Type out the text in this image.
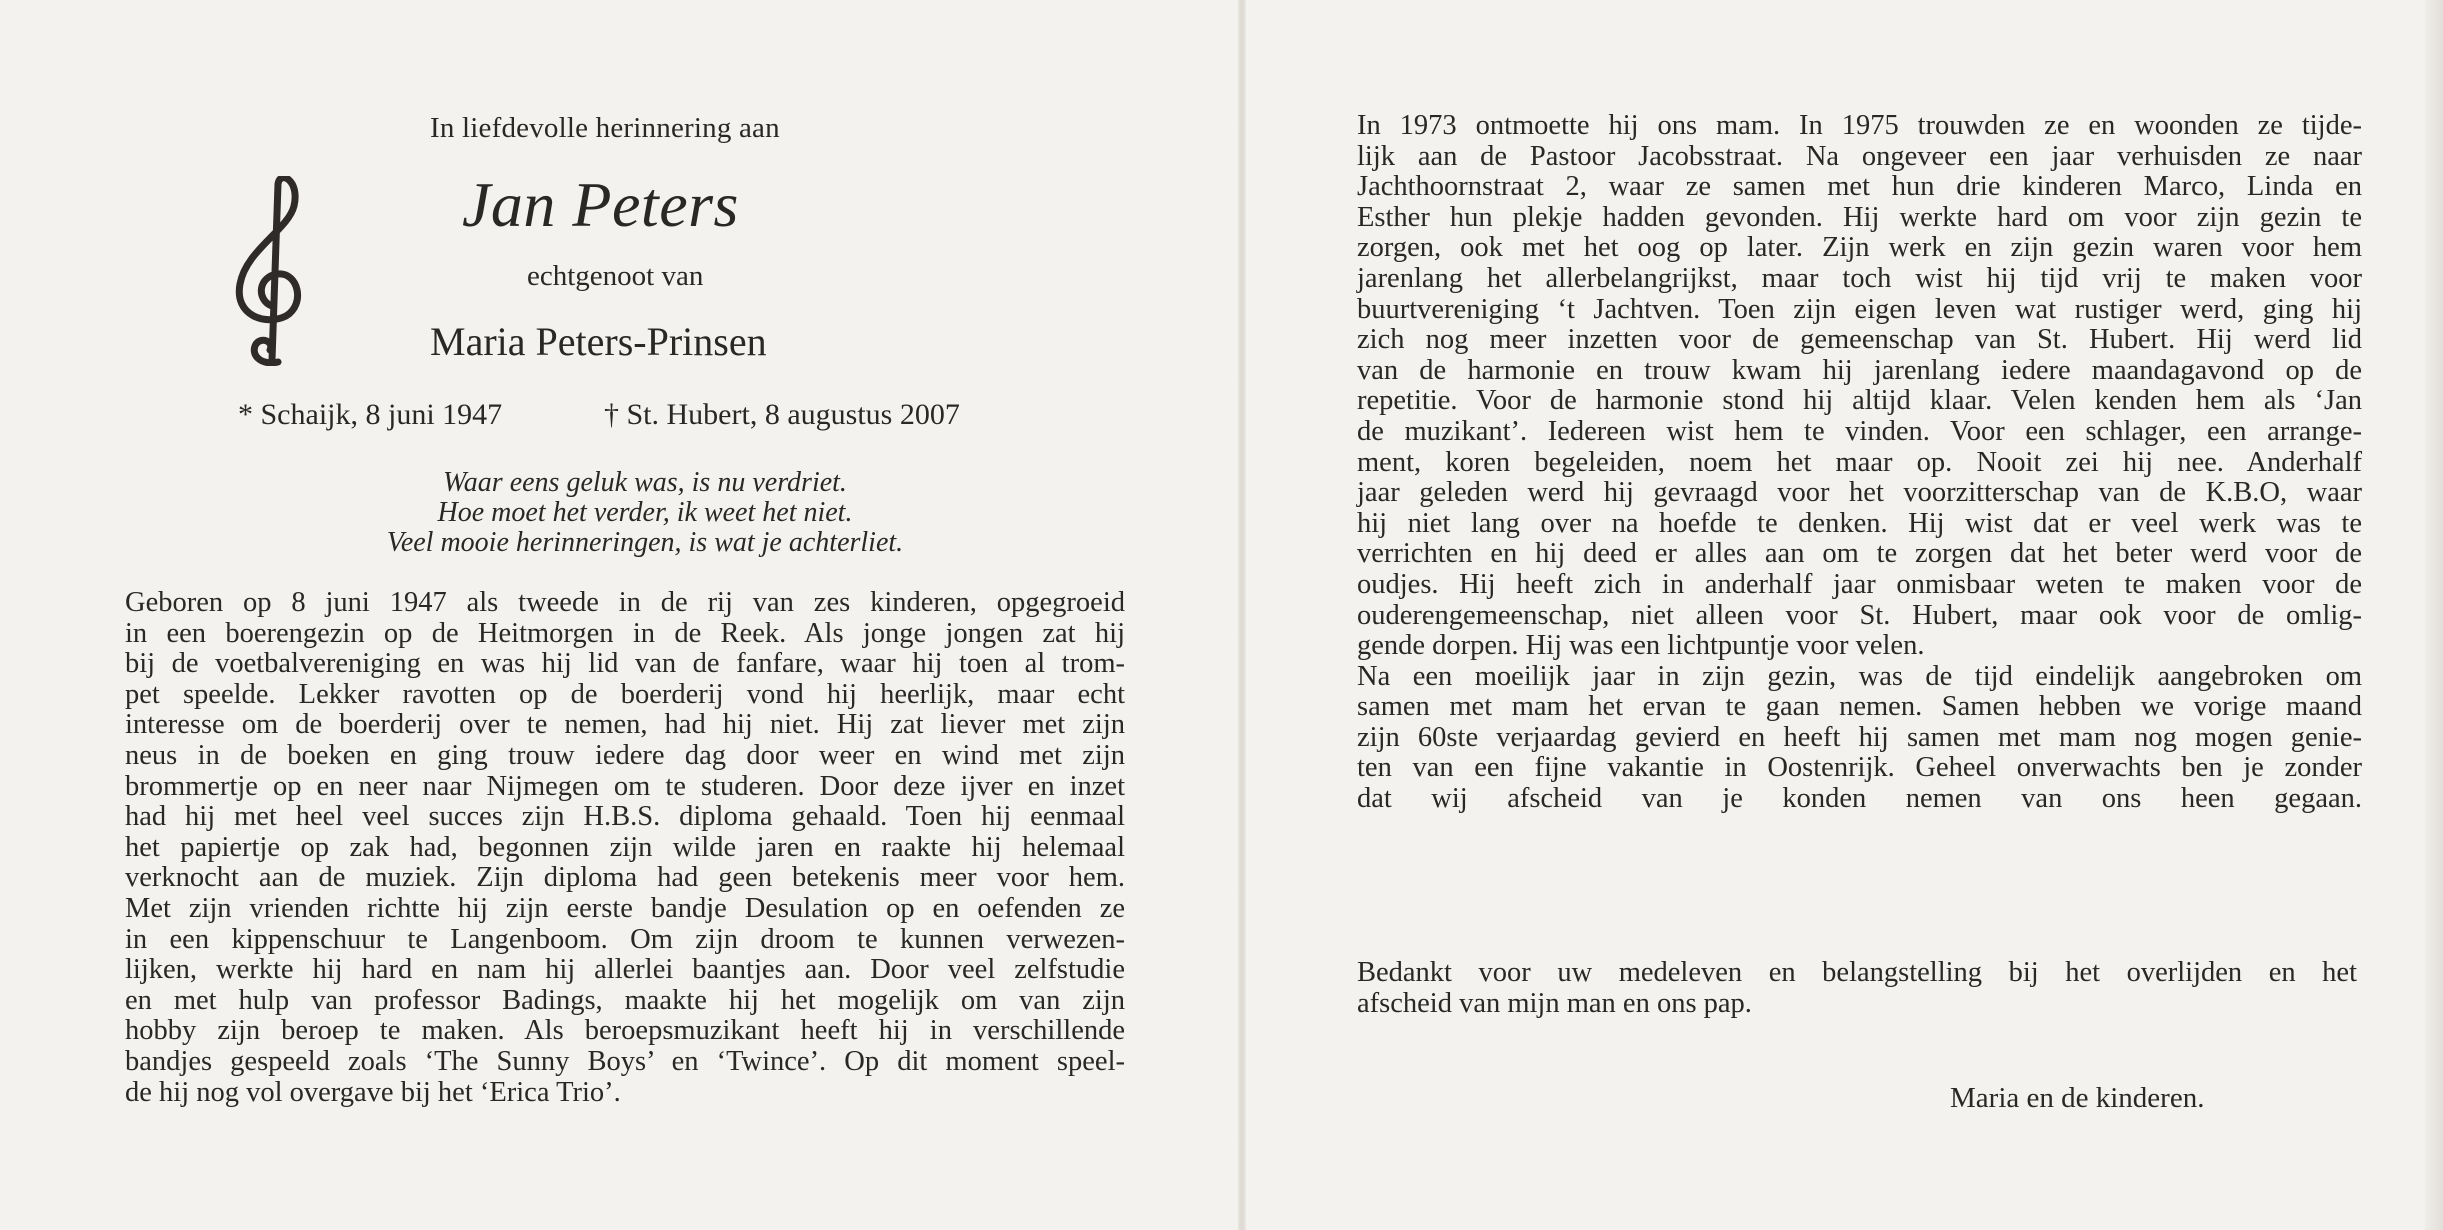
In liefdevolle herinnering aan
Jan Peters
echtgenoot van
Maria Peters-Prinsen
* Schaijk, 8 juni 1947	† St. Hubert, 8 augustus 2007
Waar eens geluk was, is nu verdriet.
Hoe moet het verder, ik weet het niet.
Veel mooie herinneringen, is wat je achterliet.
Geboren op 8 juni 1947 als tweede in de rij van zes kinderen, opgegroeid
in een boerengezin op de Heitmorgen in de Reek. Als jonge jongen zat hij
bij de voetbalvereniging en was hij lid van de fanfare, waar hij toen al trom-
pet speelde. Lekker ravotten op de boerderij vond hij heerlijk, maar echt
interesse om de boerderij over te nemen, had hij niet. Hij zat liever met zijn
neus in de boeken en ging trouw iedere dag door weer en wind met zijn
brommertje op en neer naar Nijmegen om te studeren. Door deze ijver en inzet
had hij met heel veel succes zijn H.B.S. diploma gehaald. Toen hij eenmaal
het papiertje op zak had, begonnen zijn wilde jaren en raakte hij helemaal
verknocht aan de muziek. Zijn diploma had geen betekenis meer voor hem.
Met zijn vrienden richtte hij zijn eerste bandje Desulation op en oefenden ze
in een kippenschuur te Langenboom. Om zijn droom te kunnen verwezen-
lijken, werkte hij hard en nam hij allerlei baantjes aan. Door veel zelfstudie
en met hulp van professor Badings, maakte hij het mogelijk om van zijn
hobby zijn beroep te maken. Als beroepsmuzikant heeft hij in verschillende
bandjes gespeeld zoals ‘The Sunny Boys’ en ‘Twince’. Op dit moment speel-
de hij nog vol overgave bij het ‘Erica Trio’.
In 1973 ontmoette hij ons mam. In 1975 trouwden ze en woonden ze tijde-
lijk aan de Pastoor Jacobsstraat. Na ongeveer een jaar verhuisden ze naar
Jachthoornstraat 2, waar ze samen met hun drie kinderen Marco, Linda en
Esther hun plekje hadden gevonden. Hij werkte hard om voor zijn gezin te
zorgen, ook met het oog op later. Zijn werk en zijn gezin waren voor hem
jarenlang het allerbelangrijkst, maar toch wist hij tijd vrij te maken voor
buurtvereniging ‘t Jachtven. Toen zijn eigen leven wat rustiger werd, ging hij
zich nog meer inzetten voor de gemeenschap van St. Hubert. Hij werd lid
van de harmonie en trouw kwam hij jarenlang iedere maandagavond op de
repetitie. Voor de harmonie stond hij altijd klaar. Velen kenden hem als ‘Jan
de muzikant’. Iedereen wist hem te vinden. Voor een schlager, een arrange-
ment, koren begeleiden, noem het maar op. Nooit zei hij nee. Anderhalf
jaar geleden werd hij gevraagd voor het voorzitterschap van de K.B.O, waar
hij niet lang over na hoefde te denken. Hij wist dat er veel werk was te
verrichten en hij deed er alles aan om te zorgen dat het beter werd voor de
oudjes. Hij heeft zich in anderhalf jaar onmisbaar weten te maken voor de
ouderengemeenschap, niet alleen voor St. Hubert, maar ook voor de omlig-
gende dorpen. Hij was een lichtpuntje voor velen.
Na een moeilijk jaar in zijn gezin, was de tijd eindelijk aangebroken om
samen met mam het ervan te gaan nemen. Samen hebben we vorige maand
zijn 60ste verjaardag gevierd en heeft hij samen met mam nog mogen genie-
ten van een fijne vakantie in Oostenrijk. Geheel onverwachts ben je zonder
dat wij afscheid van je konden nemen van ons heen gegaan.
Bedankt voor uw medeleven en belangstelling bij het overlijden en het
afscheid van mijn man en ons pap.
Maria en de kinderen.
